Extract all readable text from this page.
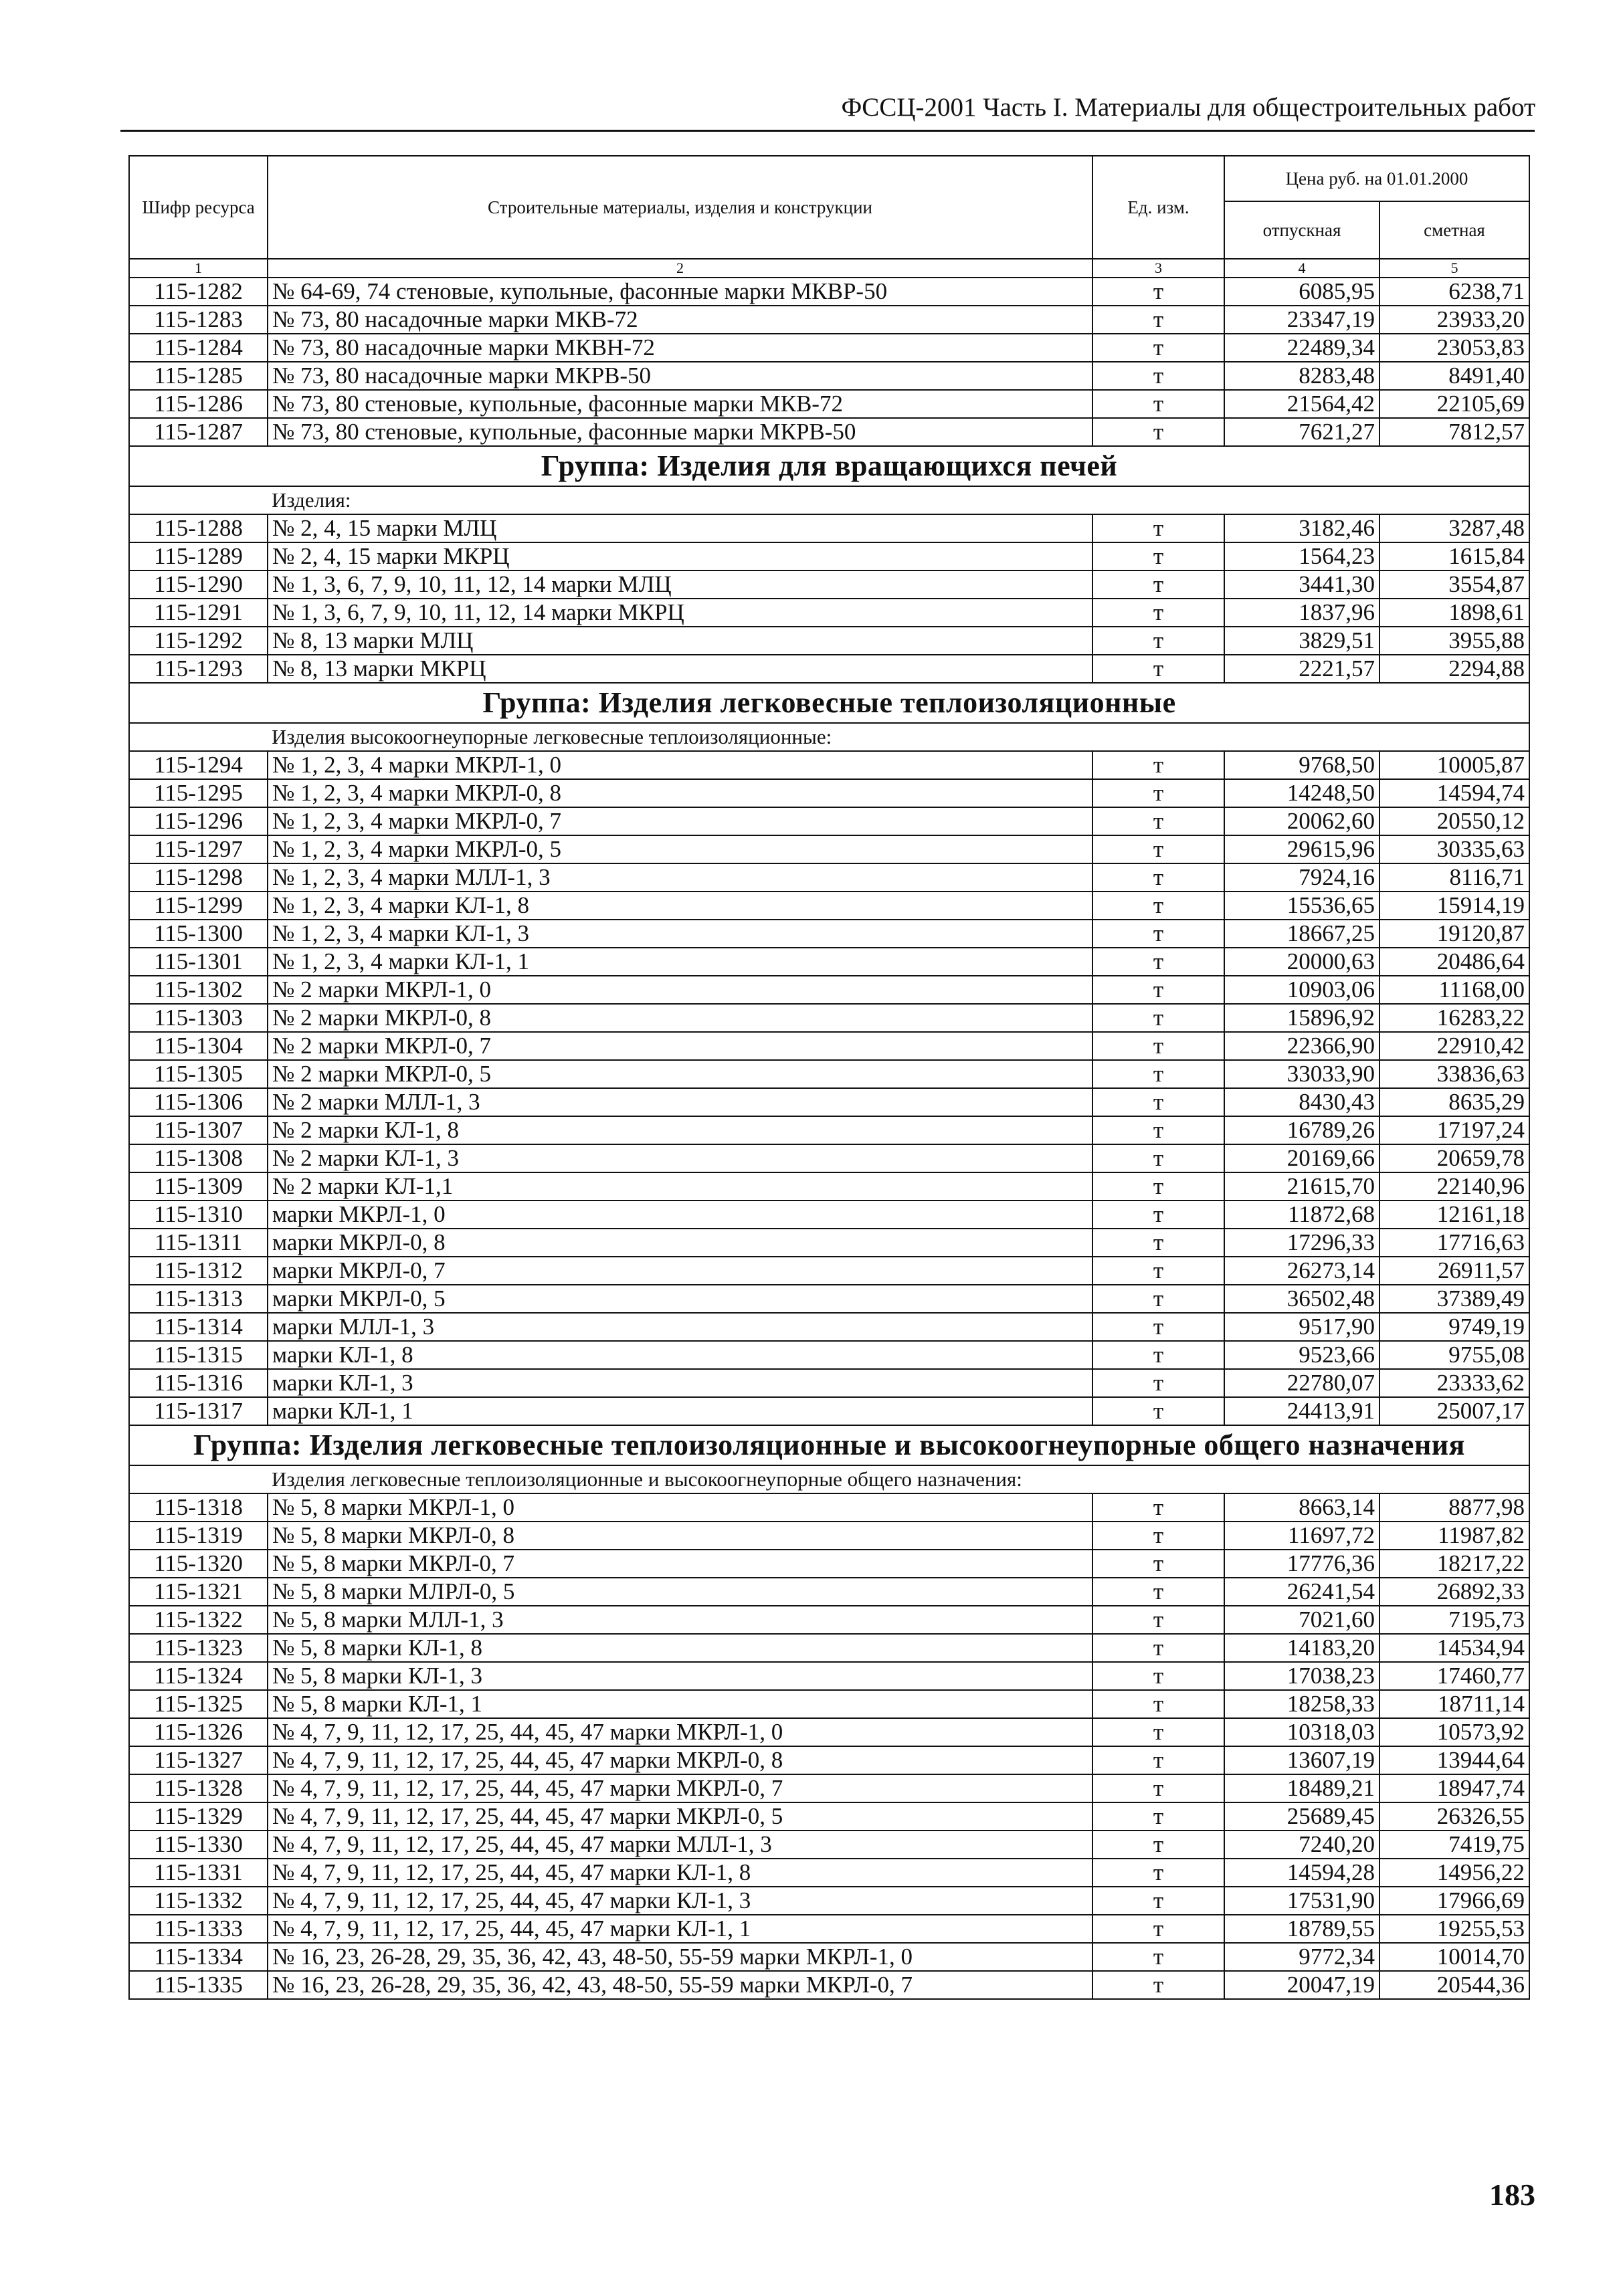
ФССЦ-2001 Часть I. Материалы для общестроительных работ
Шифр ресурса	Строительные материалы, изделия и конструкции	Ед. изм.	Цена руб. на 01.01.2000	
			отпускная	сметная
1	2	3	4	5
115-1282	№ 64-69, 74 стеновые, купольные, фасонные марки МКВР-50	т	6085,95	6238,71
115-1283	№ 73, 80 насадочные марки МКВ-72	т	23347,19	23933,20
115-1284	№ 73, 80 насадочные марки МКВН-72	т	22489,34	23053,83
115-1285	№ 73, 80 насадочные марки МКРВ-50	т	8283,48	8491,40
115-1286	№ 73, 80 стеновые, купольные, фасонные марки МКВ-72	т	21564,42	22105,69
115-1287	№ 73, 80 стеновые, купольные, фасонные марки МКРВ-50	т	7621,27	7812,57
Группа: Изделия для вращающихся печей				

Изделия:				

115-1288	№ 2, 4, 15 марки МЛЦ	т	3182,46	3287,48
115-1289	№ 2, 4, 15 марки МКРЦ	т	1564,23	1615,84
115-1290	№ 1, 3, 6, 7, 9, 10, 11, 12, 14 марки МЛЦ	т	3441,30	3554,87
115-1291	№ 1, 3, 6, 7, 9, 10, 11, 12, 14 марки МКРЦ	т	1837,96	1898,61
115-1292	№ 8, 13 марки МЛЦ	т	3829,51	3955,88
115-1293	№ 8, 13 марки МКРЦ	т	2221,57	2294,88
Группа: Изделия легковесные теплоизоляционные				

Изделия высокоогнеупорные легковесные теплоизоляционные:				

115-1294	№ 1, 2, 3, 4 марки МКРЛ-1, 0	т	9768,50	10005,87
115-1295	№ 1, 2, 3, 4 марки МКРЛ-0, 8	т	14248,50	14594,74
115-1296	№ 1, 2, 3, 4 марки МКРЛ-0, 7	т	20062,60	20550,12
115-1297	№ 1, 2, 3, 4 марки МКРЛ-0, 5	т	29615,96	30335,63
115-1298	№ 1, 2, 3, 4 марки МЛЛ-1, 3	т	7924,16	8116,71
115-1299	№ 1, 2, 3, 4 марки КЛ-1, 8	т	15536,65	15914,19
115-1300	№ 1, 2, 3, 4 марки КЛ-1, 3	т	18667,25	19120,87
115-1301	№ 1, 2, 3, 4 марки КЛ-1, 1	т	20000,63	20486,64
115-1302	№ 2 марки МКРЛ-1, 0	т	10903,06	11168,00
115-1303	№ 2 марки МКРЛ-0, 8	т	15896,92	16283,22
115-1304	№ 2 марки МКРЛ-0, 7	т	22366,90	22910,42
115-1305	№ 2 марки МКРЛ-0, 5	т	33033,90	33836,63
115-1306	№ 2 марки МЛЛ-1, 3	т	8430,43	8635,29
115-1307	№ 2 марки КЛ-1, 8	т	16789,26	17197,24
115-1308	№ 2 марки КЛ-1, 3	т	20169,66	20659,78
115-1309	№ 2 марки КЛ-1,1	т	21615,70	22140,96
115-1310	марки МКРЛ-1, 0	т	11872,68	12161,18
115-1311	марки МКРЛ-0, 8	т	17296,33	17716,63
115-1312	марки МКРЛ-0, 7	т	26273,14	26911,57
115-1313	марки МКРЛ-0, 5	т	36502,48	37389,49
115-1314	марки МЛЛ-1, 3	т	9517,90	9749,19
115-1315	марки КЛ-1, 8	т	9523,66	9755,08
115-1316	марки КЛ-1, 3	т	22780,07	23333,62
115-1317	марки КЛ-1, 1	т	24413,91	25007,17
Группа: Изделия легковесные теплоизоляционные и высокоогнеупорные общего назначения				

Изделия легковесные теплоизоляционные и высокоогнеупорные общего назначения:				

115-1318	№ 5, 8 марки МКРЛ-1, 0	т	8663,14	8877,98
115-1319	№ 5, 8 марки МКРЛ-0, 8	т	11697,72	11987,82
115-1320	№ 5, 8 марки МКРЛ-0, 7	т	17776,36	18217,22
115-1321	№ 5, 8 марки МЛРЛ-0, 5	т	26241,54	26892,33
115-1322	№ 5, 8 марки МЛЛ-1, 3	т	7021,60	7195,73
115-1323	№ 5, 8 марки КЛ-1, 8	т	14183,20	14534,94
115-1324	№ 5, 8 марки КЛ-1, 3	т	17038,23	17460,77
115-1325	№ 5, 8 марки КЛ-1, 1	т	18258,33	18711,14
115-1326	№ 4, 7, 9, 11, 12, 17, 25, 44, 45, 47 марки МКРЛ-1, 0	т	10318,03	10573,92
115-1327	№ 4, 7, 9, 11, 12, 17, 25, 44, 45, 47 марки МКРЛ-0, 8	т	13607,19	13944,64
115-1328	№ 4, 7, 9, 11, 12, 17, 25, 44, 45, 47 марки МКРЛ-0, 7	т	18489,21	18947,74
115-1329	№ 4, 7, 9, 11, 12, 17, 25, 44, 45, 47 марки МКРЛ-0, 5	т	25689,45	26326,55
115-1330	№ 4, 7, 9, 11, 12, 17, 25, 44, 45, 47 марки МЛЛ-1, 3	т	7240,20	7419,75
115-1331	№ 4, 7, 9, 11, 12, 17, 25, 44, 45, 47 марки КЛ-1, 8	т	14594,28	14956,22
115-1332	№ 4, 7, 9, 11, 12, 17, 25, 44, 45, 47 марки КЛ-1, 3	т	17531,90	17966,69
115-1333	№ 4, 7, 9, 11, 12, 17, 25, 44, 45, 47 марки КЛ-1, 1	т	18789,55	19255,53
115-1334	№ 16, 23, 26-28, 29, 35, 36, 42, 43, 48-50, 55-59 марки МКРЛ-1, 0	т	9772,34	10014,70
115-1335	№ 16, 23, 26-28, 29, 35, 36, 42, 43, 48-50, 55-59 марки МКРЛ-0, 7	т	20047,19	20544,36
183
